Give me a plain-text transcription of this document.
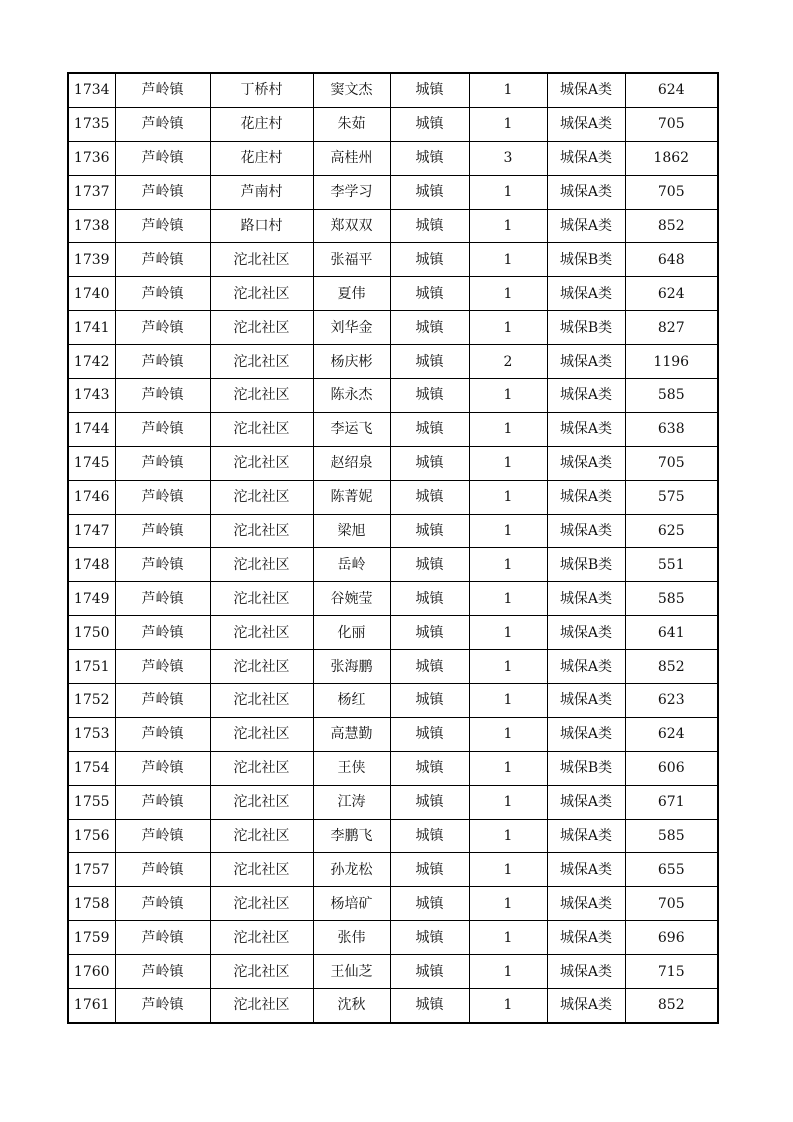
1734	芦岭镇	丁桥村	窦文杰	城镇	1	城保A类	624
1735	芦岭镇	花庄村	朱茹	城镇	1	城保A类	705
1736	芦岭镇	花庄村	高桂州	城镇	3	城保A类	1862
1737	芦岭镇	芦南村	李学习	城镇	1	城保A类	705
1738	芦岭镇	路口村	郑双双	城镇	1	城保A类	852
1739	芦岭镇	沱北社区	张福平	城镇	1	城保B类	648
1740	芦岭镇	沱北社区	夏伟	城镇	1	城保A类	624
1741	芦岭镇	沱北社区	刘华金	城镇	1	城保B类	827
1742	芦岭镇	沱北社区	杨庆彬	城镇	2	城保A类	1196
1743	芦岭镇	沱北社区	陈永杰	城镇	1	城保A类	585
1744	芦岭镇	沱北社区	李运飞	城镇	1	城保A类	638
1745	芦岭镇	沱北社区	赵绍泉	城镇	1	城保A类	705
1746	芦岭镇	沱北社区	陈菁妮	城镇	1	城保A类	575
1747	芦岭镇	沱北社区	梁旭	城镇	1	城保A类	625
1748	芦岭镇	沱北社区	岳岭	城镇	1	城保B类	551
1749	芦岭镇	沱北社区	谷婉莹	城镇	1	城保A类	585
1750	芦岭镇	沱北社区	化丽	城镇	1	城保A类	641
1751	芦岭镇	沱北社区	张海鹏	城镇	1	城保A类	852
1752	芦岭镇	沱北社区	杨红	城镇	1	城保A类	623
1753	芦岭镇	沱北社区	高慧勤	城镇	1	城保A类	624
1754	芦岭镇	沱北社区	王侠	城镇	1	城保B类	606
1755	芦岭镇	沱北社区	江涛	城镇	1	城保A类	671
1756	芦岭镇	沱北社区	李鹏飞	城镇	1	城保A类	585
1757	芦岭镇	沱北社区	孙龙松	城镇	1	城保A类	655
1758	芦岭镇	沱北社区	杨培矿	城镇	1	城保A类	705
1759	芦岭镇	沱北社区	张伟	城镇	1	城保A类	696
1760	芦岭镇	沱北社区	王仙芝	城镇	1	城保A类	715
1761	芦岭镇	沱北社区	沈秋	城镇	1	城保A类	852
